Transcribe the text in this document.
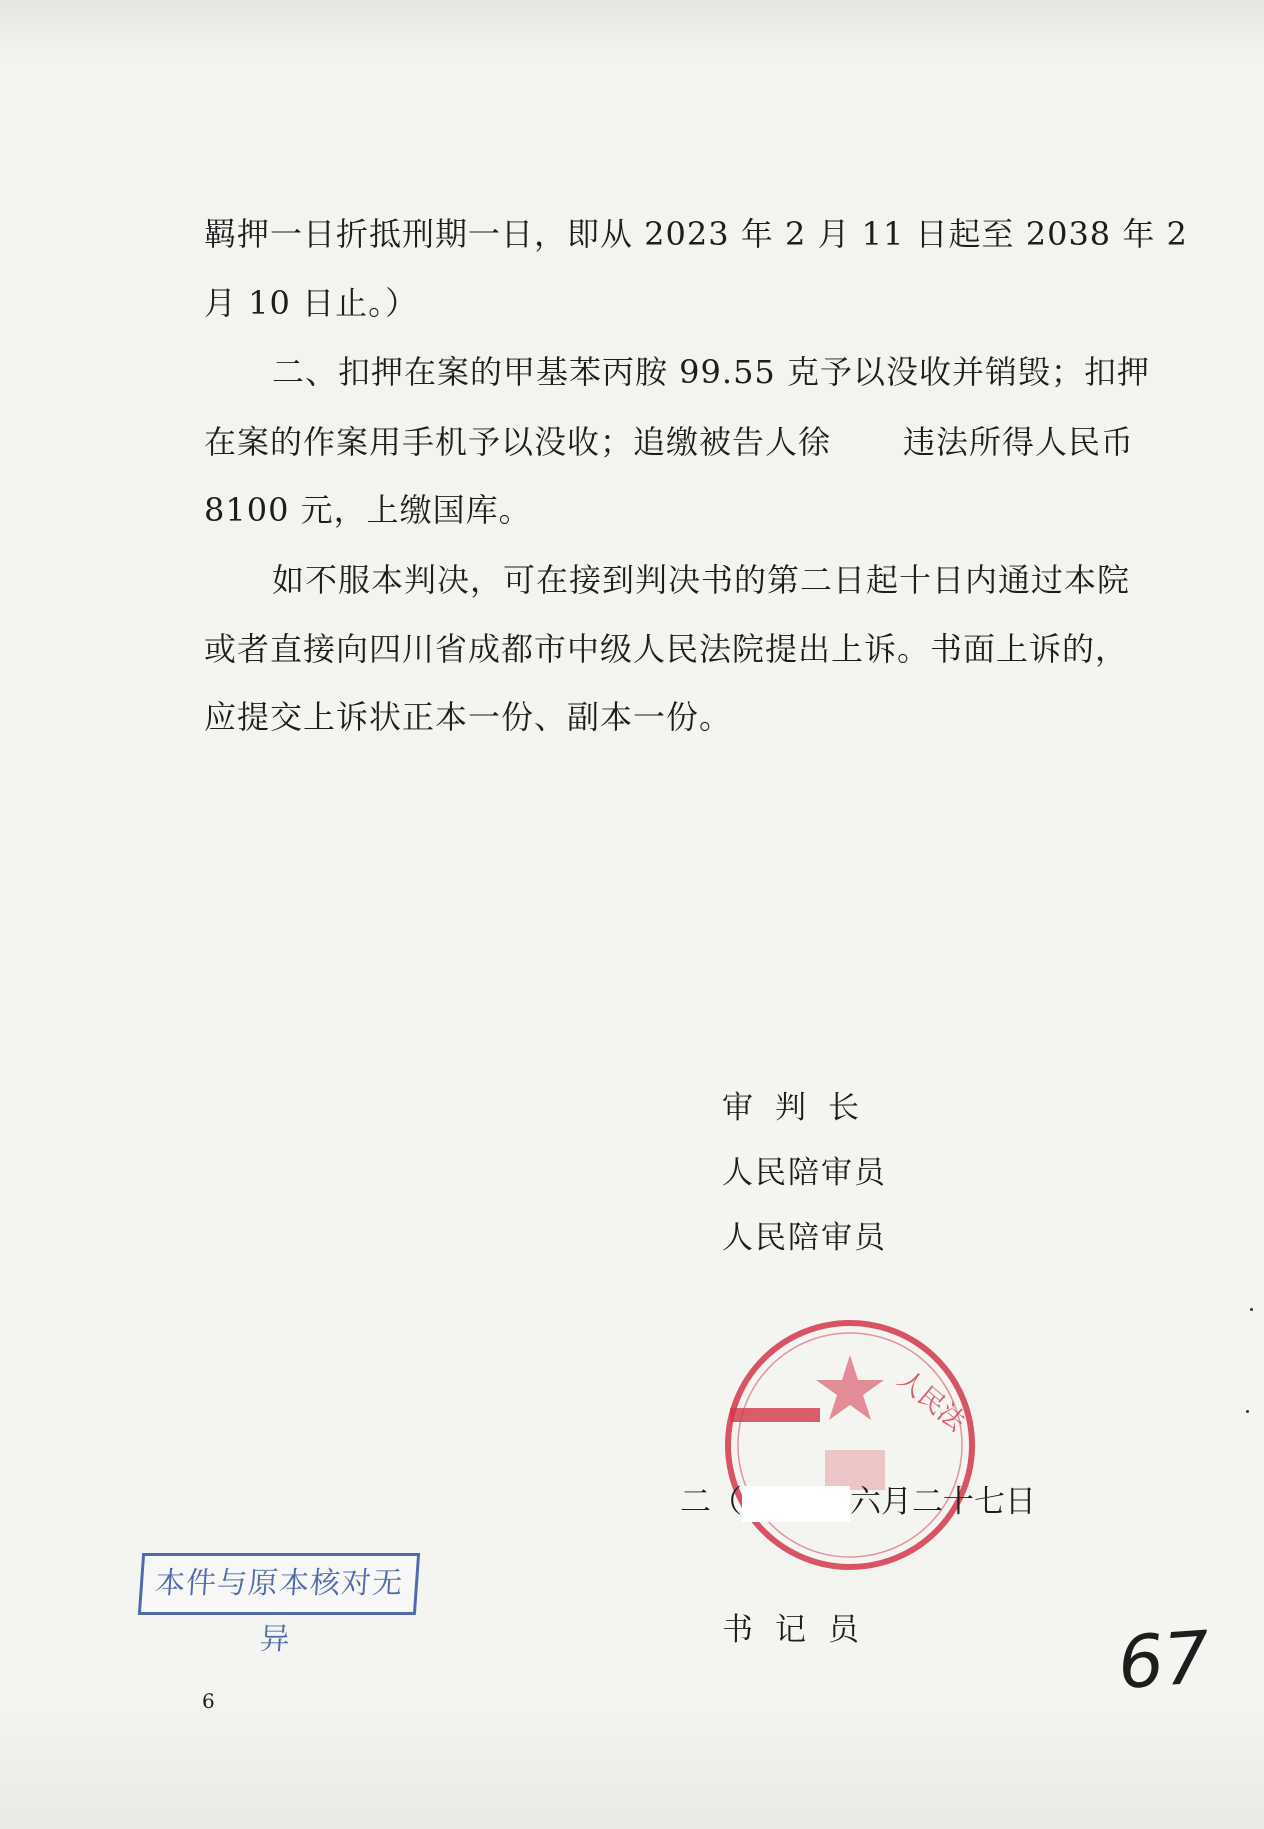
羁押一日折抵刑期一日，即从 2023 年 2 月 11 日起至 2038 年 2
月 10 日止。）
二、扣押在案的甲基苯丙胺 99.55 克予以没收并销毁；扣押
在案的作案用手机予以没收；追缴被告人徐 违法所得人民币
8100 元，上缴国库。
如不服本判决，可在接到判决书的第二日起十日内通过本院
或者直接向四川省成都市中级人民法院提出上诉。书面上诉的，
应提交上诉状正本一份、副本一份。
审判长
人民陪审员
人民陪审员
人民法
二（	六月二十七日
本件与原本核对无异	书记员
6	67
